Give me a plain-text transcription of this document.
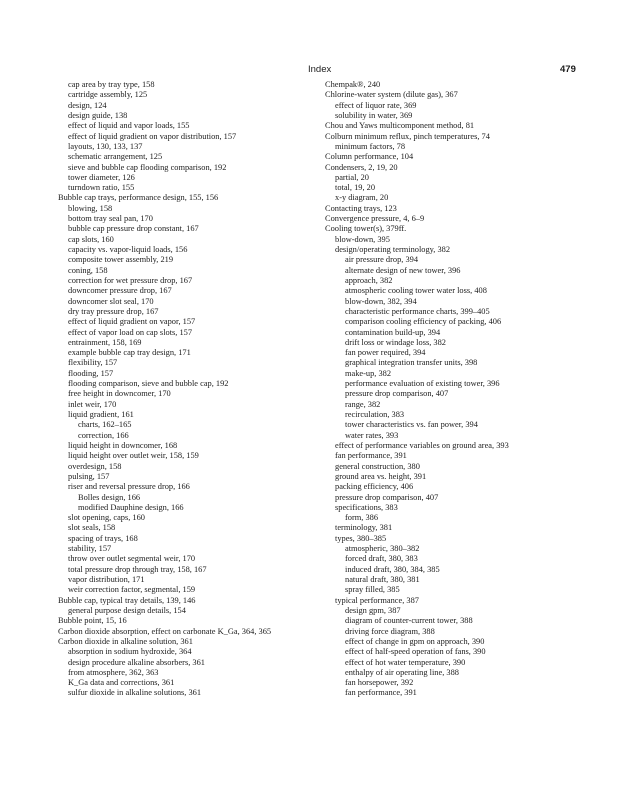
Index	479
cap area by tray type, 158
cartridge assembly, 125
design, 124
design guide, 138
effect of liquid and vapor loads, 155
effect of liquid gradient on vapor distribution, 157
layouts, 130, 133, 137
schematic arrangement, 125
sieve and bubble cap flooding comparison, 192
tower diameter, 126
turndown ratio, 155
Bubble cap trays, performance design, 155, 156
blowing, 158
bottom tray seal pan, 170
bubble cap pressure drop constant, 167
cap slots, 160
capacity vs. vapor-liquid loads, 156
composite tower assembly, 219
coning, 158
correction for wet pressure drop, 167
downcomer pressure drop, 167
downcomer slot seal, 170
dry tray pressure drop, 167
effect of liquid gradient on vapor, 157
effect of vapor load on cap slots, 157
entrainment, 158, 169
example bubble cap tray design, 171
flexibility, 157
flooding, 157
flooding comparison, sieve and bubble cap, 192
free height in downcomer, 170
inlet weir, 170
liquid gradient, 161
charts, 162–165
correction, 166
liquid height in downcomer, 168
liquid height over outlet weir, 158, 159
overdesign, 158
pulsing, 157
riser and reversal pressure drop, 166
Bolles design, 166
modified Dauphine design, 166
slot opening, caps, 160
slot seals, 158
spacing of trays, 168
stability, 157
throw over outlet segmental weir, 170
total pressure drop through tray, 158, 167
vapor distribution, 171
weir correction factor, segmental, 159
Bubble cap, typical tray details, 139, 146
general purpose design details, 154
Bubble point, 15, 16
Carbon dioxide absorption, effect on carbonate K_Ga, 364, 365
Carbon dioxide in alkaline solution, 361
absorption in sodium hydroxide, 364
design procedure alkaline absorbers, 361
from atmosphere, 362, 363
K_Ga data and corrections, 361
sulfur dioxide in alkaline solutions, 361
Chempak®, 240
Chlorine-water system (dilute gas), 367
effect of liquor rate, 369
solubility in water, 369
Chou and Yaws multicomponent method, 81
Colburn minimum reflux, pinch temperatures, 74
minimum factors, 78
Column performance, 104
Condensers, 2, 19, 20
partial, 20
total, 19, 20
x-y diagram, 20
Contacting trays, 123
Convergence pressure, 4, 6–9
Cooling tower(s), 379ff.
blow-down, 395
design/operating terminology, 382
air pressure drop, 394
alternate design of new tower, 396
approach, 382
atmospheric cooling tower water loss, 408
blow-down, 382, 394
characteristic performance charts, 399–405
comparison cooling efficiency of packing, 406
contamination build-up, 394
drift loss or windage loss, 382
fan power required, 394
graphical integration transfer units, 398
make-up, 382
performance evaluation of existing tower, 396
pressure drop comparison, 407
range, 382
recirculation, 383
tower characteristics vs. fan power, 394
water rates, 393
effect of performance variables on ground area, 393
fan performance, 391
general construction, 380
ground area vs. height, 391
packing efficiency, 406
pressure drop comparison, 407
specifications, 383
form, 386
terminology, 381
types, 380–385
atmospheric, 380–382
forced draft, 380, 383
induced draft, 380, 384, 385
natural draft, 380, 381
spray filled, 385
typical performance, 387
design gpm, 387
diagram of counter-current tower, 388
driving force diagram, 388
effect of change in gpm on approach, 390
effect of half-speed operation of fans, 390
effect of hot water temperature, 390
enthalpy of air operating line, 388
fan horsepower, 392
fan performance, 391
